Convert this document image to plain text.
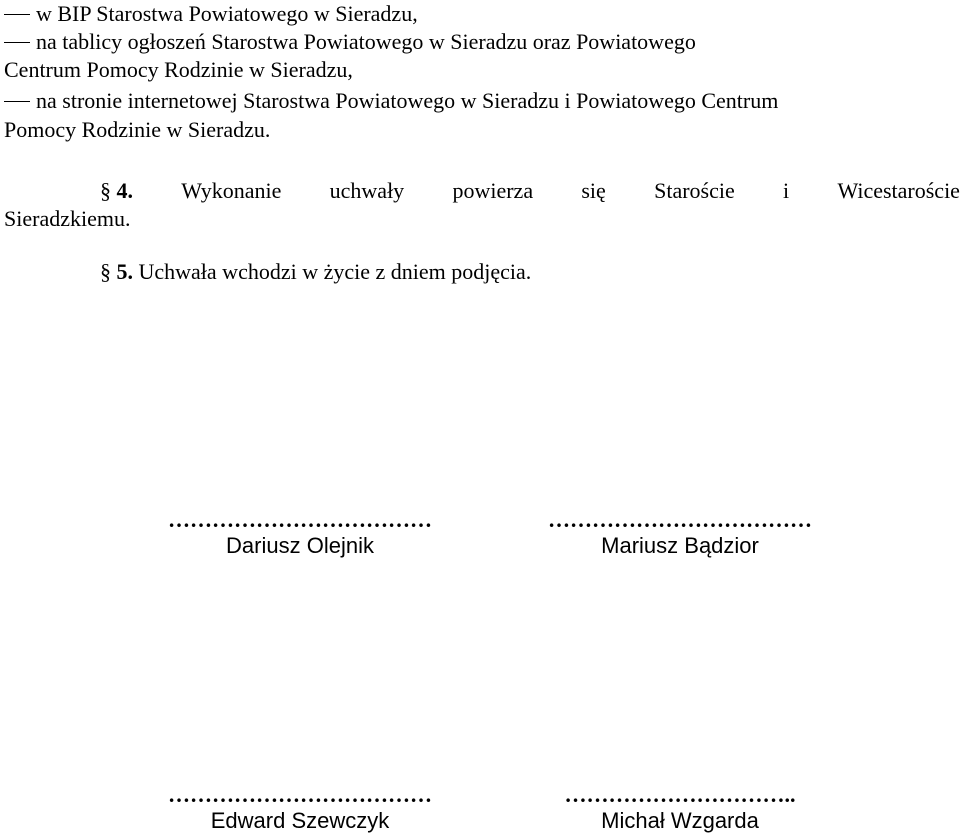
w BIP Starostwa Powiatowego w Sieradzu,
na tablicy ogłoszeń Starostwa Powiatowego w Sieradzu oraz Powiatowego
Centrum Pomocy Rodzinie w Sieradzu,
na stronie internetowej Starostwa Powiatowego w Sieradzu i Powiatowego Centrum
Pomocy Rodzinie w Sieradzu.
§ 4. Wykonanie uchwały powierza się Staroście i Wicestaroście
Sieradzkiemu.
§ 5. Uchwała wchodzi w życie z dniem podjęcia.
………………………………
Dariusz Olejnik
………………………………
Mariusz Bądzior
………………………………
Edward Szewczyk
…………………………..
Michał Wzgarda
